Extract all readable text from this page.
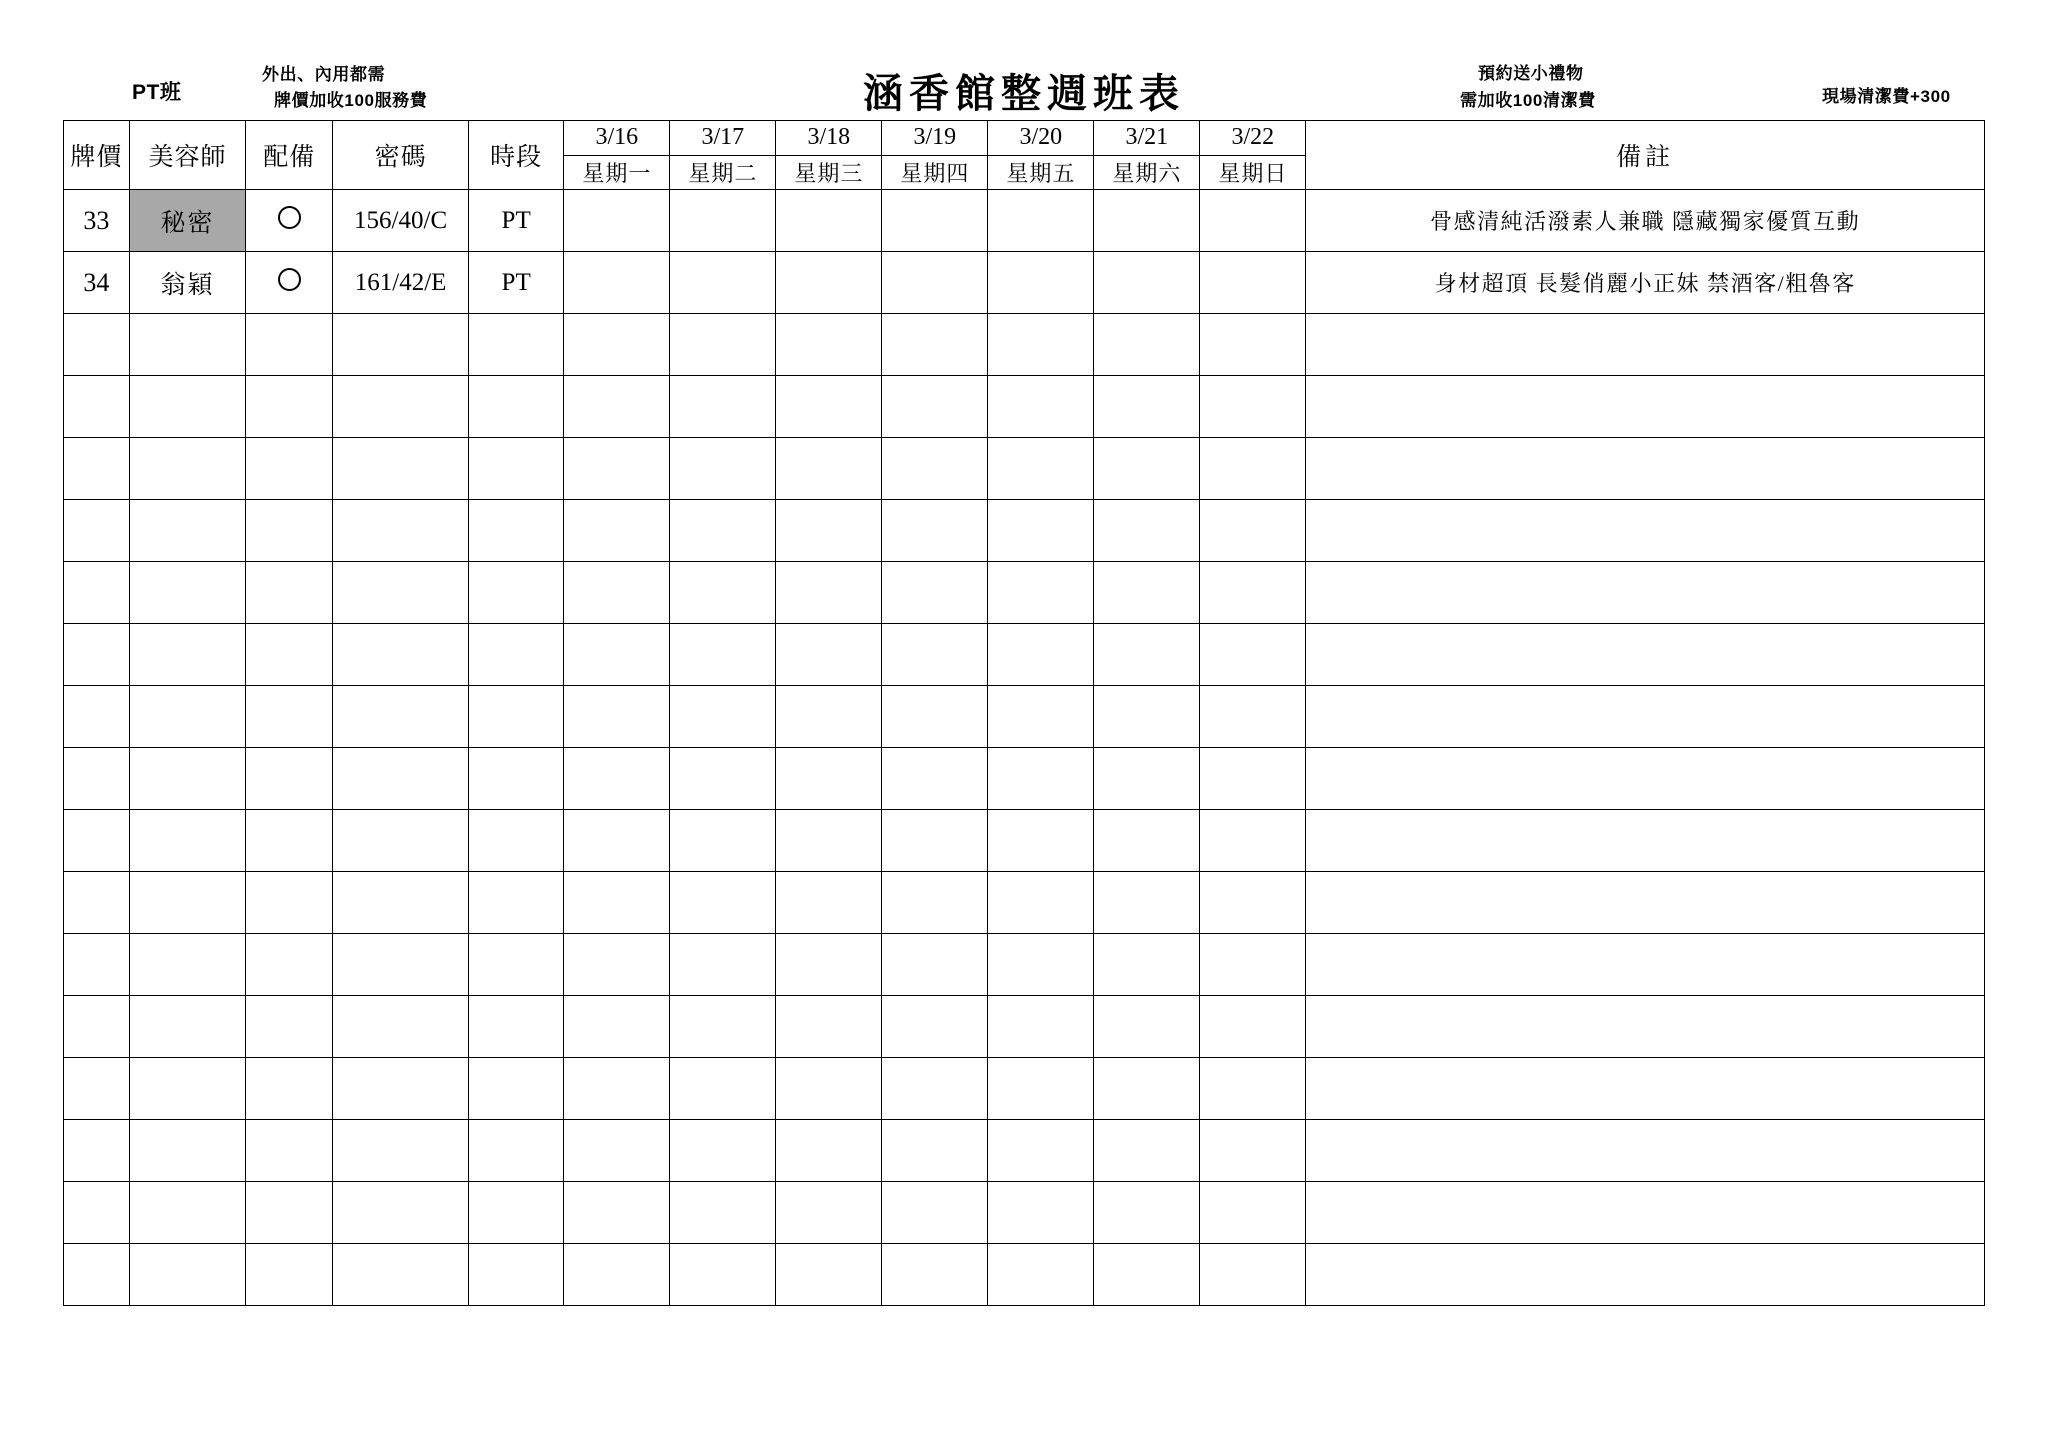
PT班
外出、內用都需
牌價加收100服務費	涵香館整週班表	預約送小禮物
需加收100清潔費	現場清潔費+300
牌價	美容師	配備	密碼	時段	3/16	3/17	3/18	3/19	3/20	3/21	3/22	備註
					星期一	星期二	星期三	星期四	星期五	星期六	星期日	
33	秘密		156/40/C	PT								骨感清純活潑素人兼職 隱藏獨家優質互動
34	翁穎		161/42/E	PT								身材超頂 長髮俏麗小正妹 禁酒客/粗魯客
